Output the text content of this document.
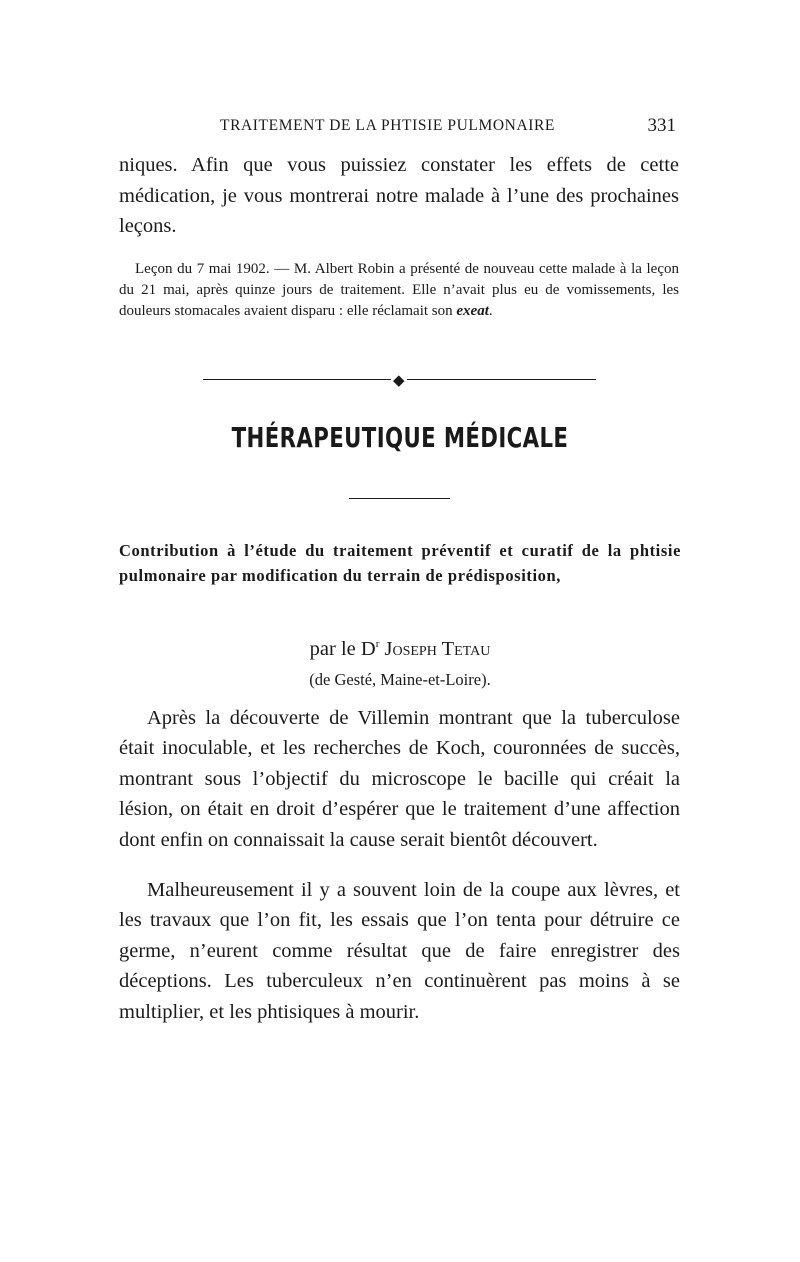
TRAITEMENT DE LA PHTISIE PULMONAIRE	331

niques. Afin que vous puissiez constater les effets de cette médication, je vous montrerai notre malade à l’une des prochaines leçons.

Leçon du 7 mai 1902. — M. Albert Robin a présenté de nouveau cette malade à la leçon du 21 mai, après quinze jours de traitement. Elle n’avait plus eu de vomissements, les douleurs stomacales avaient disparu : elle réclamait son exeat.

◆
THÉRAPEUTIQUE MÉDICALE

Contribution à l’étude du traitement préventif et curatif de la phtisie pulmonaire par modification du terrain de prédisposition,

par le $D^r$ Joseph Tetau
(de Gesté, Maine-et-Loire).

Après la découverte de Villemin montrant que la tuberculose était inoculable, et les recherches de Koch, couronnées de succès, montrant sous l’objectif du microscope le bacille qui créait la lésion, on était en droit d’espérer que le traitement d’une affection dont enfin on connaissait la cause serait bientôt découvert.

Malheureusement il y a souvent loin de la coupe aux lèvres, et les travaux que l’on fit, les essais que l’on tenta pour détruire ce germe, n’eurent comme résultat que de faire enregistrer des déceptions. Les tuberculeux n’en continuèrent pas moins à se multiplier, et les phtisiques à mourir.
